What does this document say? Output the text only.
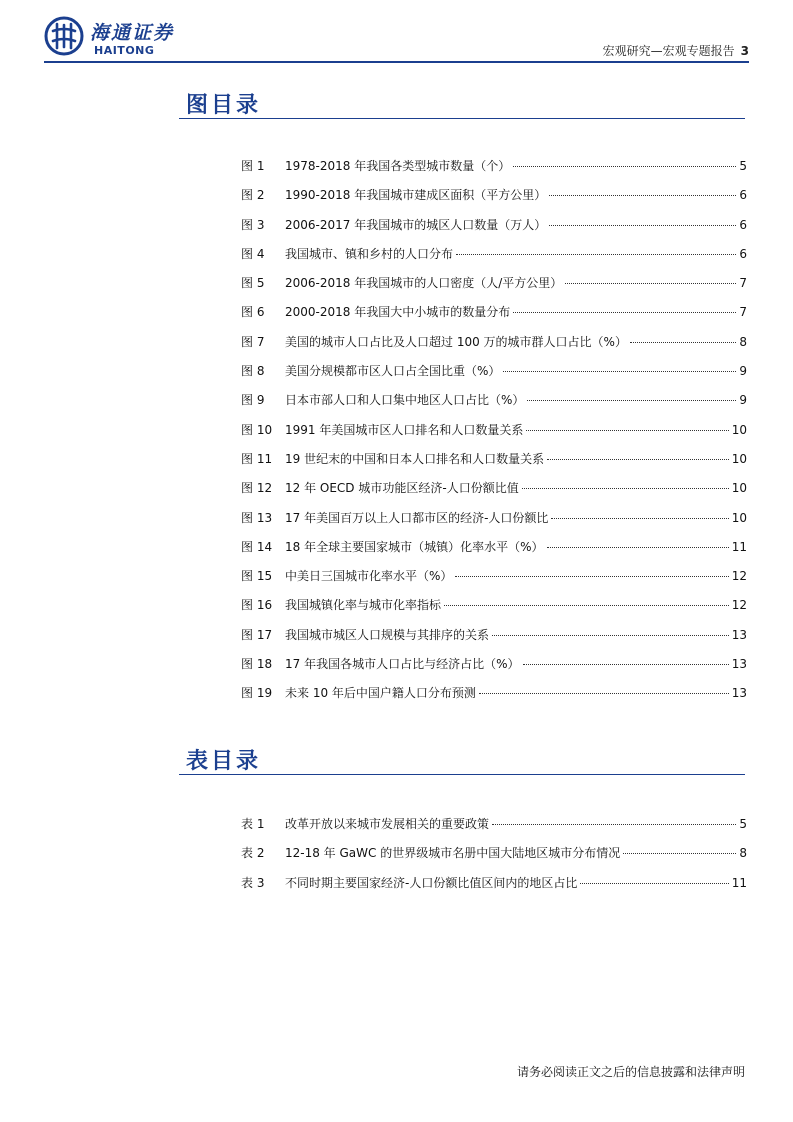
海通证券
HAITONG	宏观研究—宏观专题报告 3
图目录
图 1	1978-2018 年我国各类型城市数量（个）	5
图 2	1990-2018 年我国城市建成区面积（平方公里）	6
图 3	2006-2017 年我国城市的城区人口数量（万人）	6
图 4	我国城市、镇和乡村的人口分布	6
图 5	2006-2018 年我国城市的人口密度（人/平方公里）	7
图 6	2000-2018 年我国大中小城市的数量分布	7
图 7	美国的城市人口占比及人口超过 100 万的城市群人口占比（%）	8
图 8	美国分规模都市区人口占全国比重（%）	9
图 9	日本市部人口和人口集中地区人口占比（%）	9
图 10	1991 年美国城市区人口排名和人口数量关系	10
图 11	19 世纪末的中国和日本人口排名和人口数量关系	10
图 12	12 年 OECD 城市功能区经济-人口份额比值	10
图 13	17 年美国百万以上人口都市区的经济-人口份额比	10
图 14	18 年全球主要国家城市（城镇）化率水平（%）	11
图 15	中美日三国城市化率水平（%）	12
图 16	我国城镇化率与城市化率指标	12
图 17	我国城市城区人口规模与其排序的关系	13
图 18	17 年我国各城市人口占比与经济占比（%）	13
图 19	未来 10 年后中国户籍人口分布预测	13
表目录
表 1	改革开放以来城市发展相关的重要政策	5
表 2	12-18 年 GaWC 的世界级城市名册中国大陆地区城市分布情况	8
表 3	不同时期主要国家经济-人口份额比值区间内的地区占比	11
请务必阅读正文之后的信息披露和法律声明
